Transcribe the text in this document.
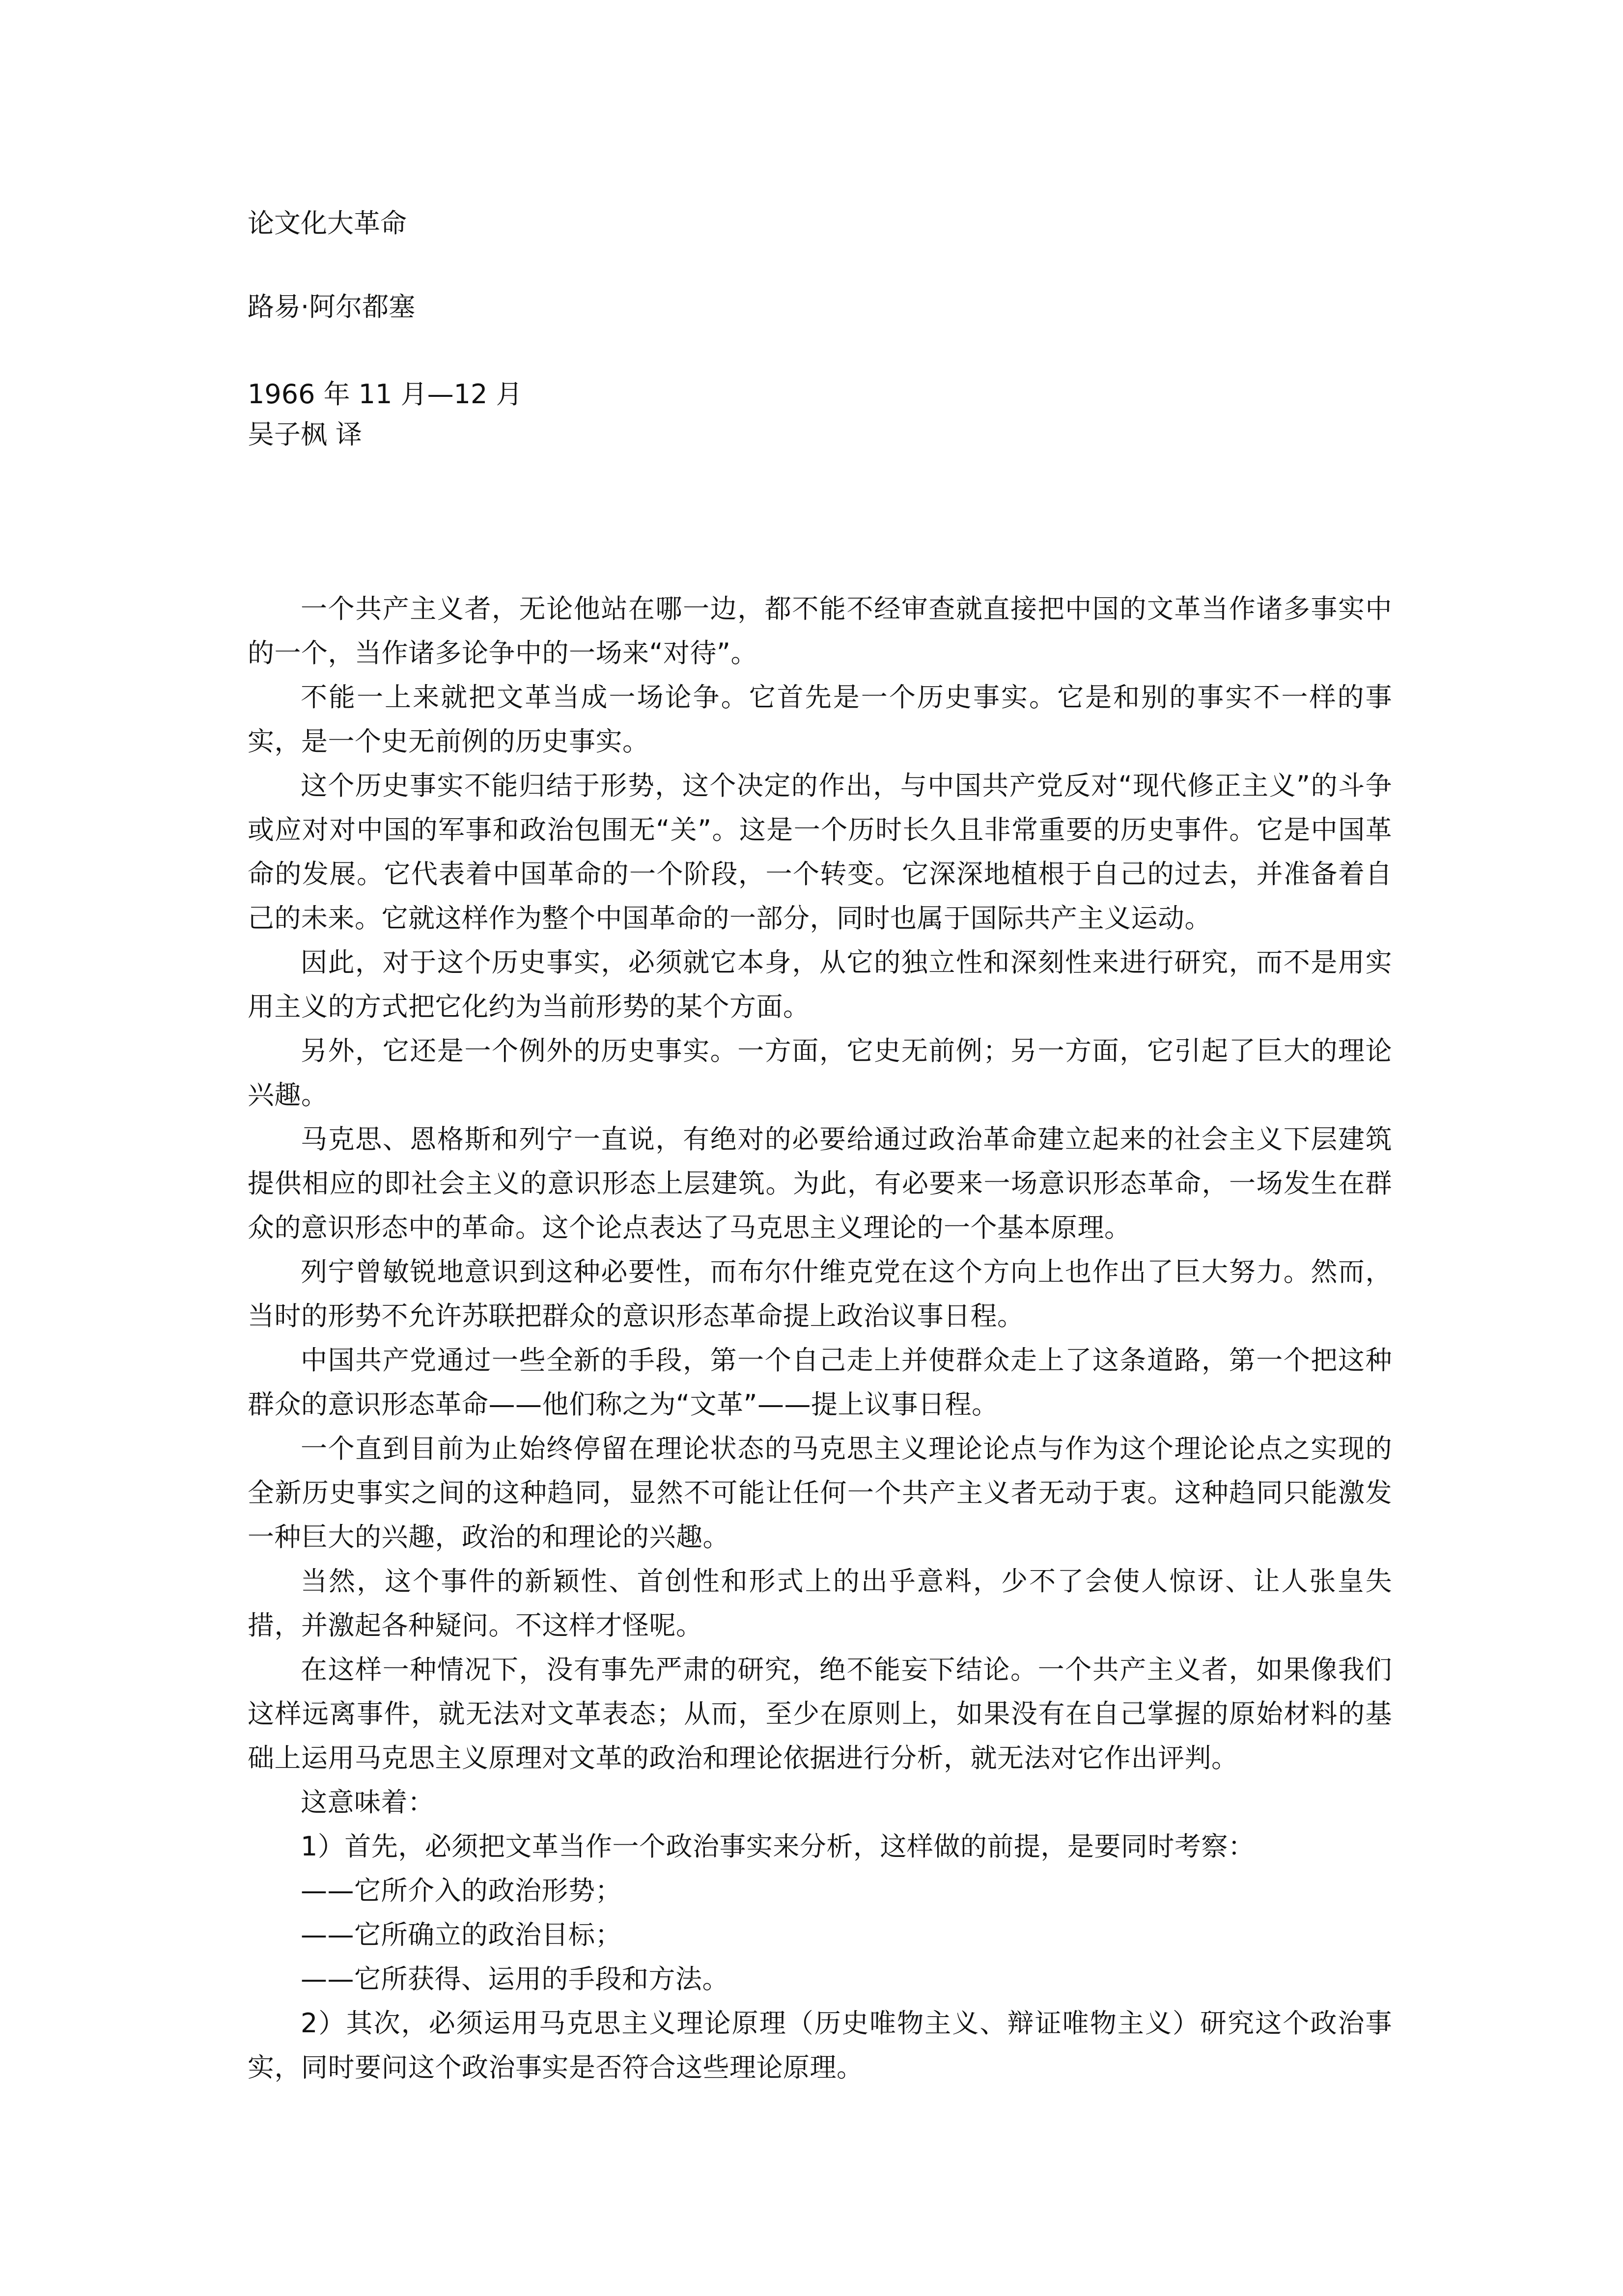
论文化大革命
路易·阿尔都塞
1966 年 11 月—12 月
吴子枫 译

一个共产主义者，无论他站在哪一边，都不能不经审查就直接把中国的文革当作诸多事实中的一个，当作诸多论争中的一场来“对待”。

不能一上来就把文革当成一场论争。它首先是一个历史事实。它是和别的事实不一样的事实，是一个史无前例的历史事实。

这个历史事实不能归结于形势，这个决定的作出，与中国共产党反对“现代修正主义”的斗争或应对对中国的军事和政治包围无“关”。这是一个历时长久且非常重要的历史事件。它是中国革命的发展。它代表着中国革命的一个阶段，一个转变。它深深地植根于自己的过去，并准备着自己的未来。它就这样作为整个中国革命的一部分，同时也属于国际共产主义运动。

因此，对于这个历史事实，必须就它本身，从它的独立性和深刻性来进行研究，而不是用实用主义的方式把它化约为当前形势的某个方面。

另外，它还是一个例外的历史事实。一方面，它史无前例；另一方面，它引起了巨大的理论兴趣。

马克思、恩格斯和列宁一直说，有绝对的必要给通过政治革命建立起来的社会主义下层建筑提供相应的即社会主义的意识形态上层建筑。为此，有必要来一场意识形态革命，一场发生在群众的意识形态中的革命。这个论点表达了马克思主义理论的一个基本原理。

列宁曾敏锐地意识到这种必要性，而布尔什维克党在这个方向上也作出了巨大努力。然而，当时的形势不允许苏联把群众的意识形态革命提上政治议事日程。

中国共产党通过一些全新的手段，第一个自己走上并使群众走上了这条道路，第一个把这种群众的意识形态革命——他们称之为“文革”——提上议事日程。

一个直到目前为止始终停留在理论状态的马克思主义理论论点与作为这个理论论点之实现的全新历史事实之间的这种趋同，显然不可能让任何一个共产主义者无动于衷。这种趋同只能激发一种巨大的兴趣，政治的和理论的兴趣。

当然，这个事件的新颖性、首创性和形式上的出乎意料，少不了会使人惊讶、让人张皇失措，并激起各种疑问。不这样才怪呢。

在这样一种情况下，没有事先严肃的研究，绝不能妄下结论。一个共产主义者，如果像我们这样远离事件，就无法对文革表态；从而，至少在原则上，如果没有在自己掌握的原始材料的基础上运用马克思主义原理对文革的政治和理论依据进行分析，就无法对它作出评判。

这意味着：

1）首先，必须把文革当作一个政治事实来分析，这样做的前提，是要同时考察：

——它所介入的政治形势；

——它所确立的政治目标；

——它所获得、运用的手段和方法。

2）其次，必须运用马克思主义理论原理（历史唯物主义、辩证唯物主义）研究这个政治事实，同时要问这个政治事实是否符合这些理论原理。
